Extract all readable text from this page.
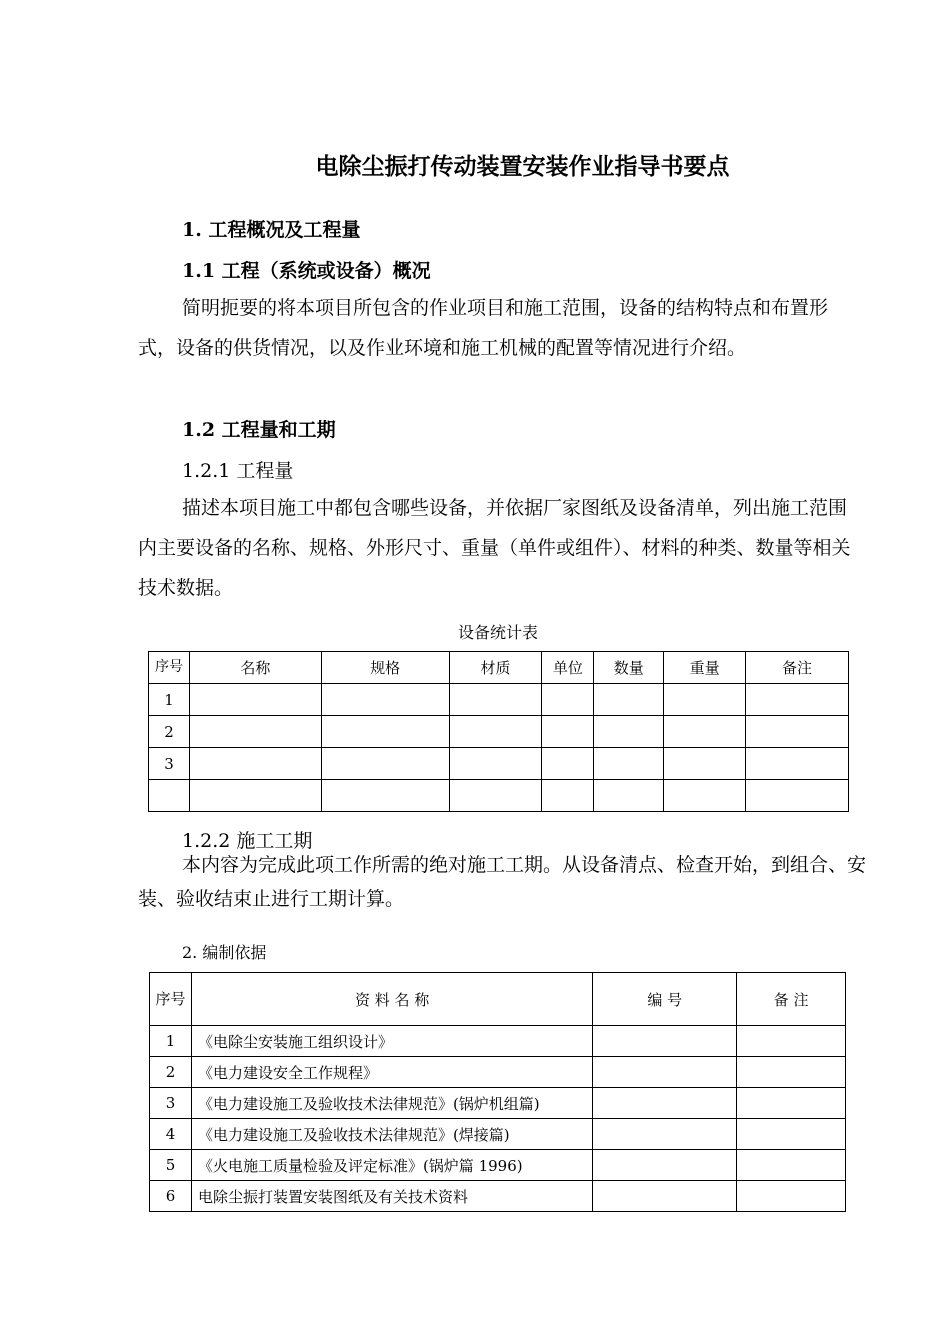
电除尘振打传动装置安装作业指导书要点
1. 工程概况及工程量
1.1 工程（系统或设备）概况
简明扼要的将本项目所包含的作业项目和施工范围，设备的结构特点和布置形式，设备的供货情况，以及作业环境和施工机械的配置等情况进行介绍。
1.2 工程量和工期
1.2.1 工程量
描述本项目施工中都包含哪些设备，并依据厂家图纸及设备清单，列出施工范围内主要设备的名称、规格、外形尺寸、重量（单件或组件）、材料的种类、数量等相关技术数据。
设备统计表
序号	名称	规格	材质	单位	数量	重量	备注
1							
2							
3							

1.2.2 施工工期
本内容为完成此项工作所需的绝对施工工期。从设备清点、检查开始，到组合、安装、验收结束止进行工期计算。
2. 编制依据
序号	资 料 名 称	编 号	备 注
1	《电除尘安装施工组织设计》		
2	《电力建设安全工作规程》		
3	《电力建设施工及验收技术法律规范》(锅炉机组篇)		
4	《电力建设施工及验收技术法律规范》(焊接篇)		
5	《火电施工质量检验及评定标准》(锅炉篇 1996)		
6	电除尘振打装置安装图纸及有关技术资料		
